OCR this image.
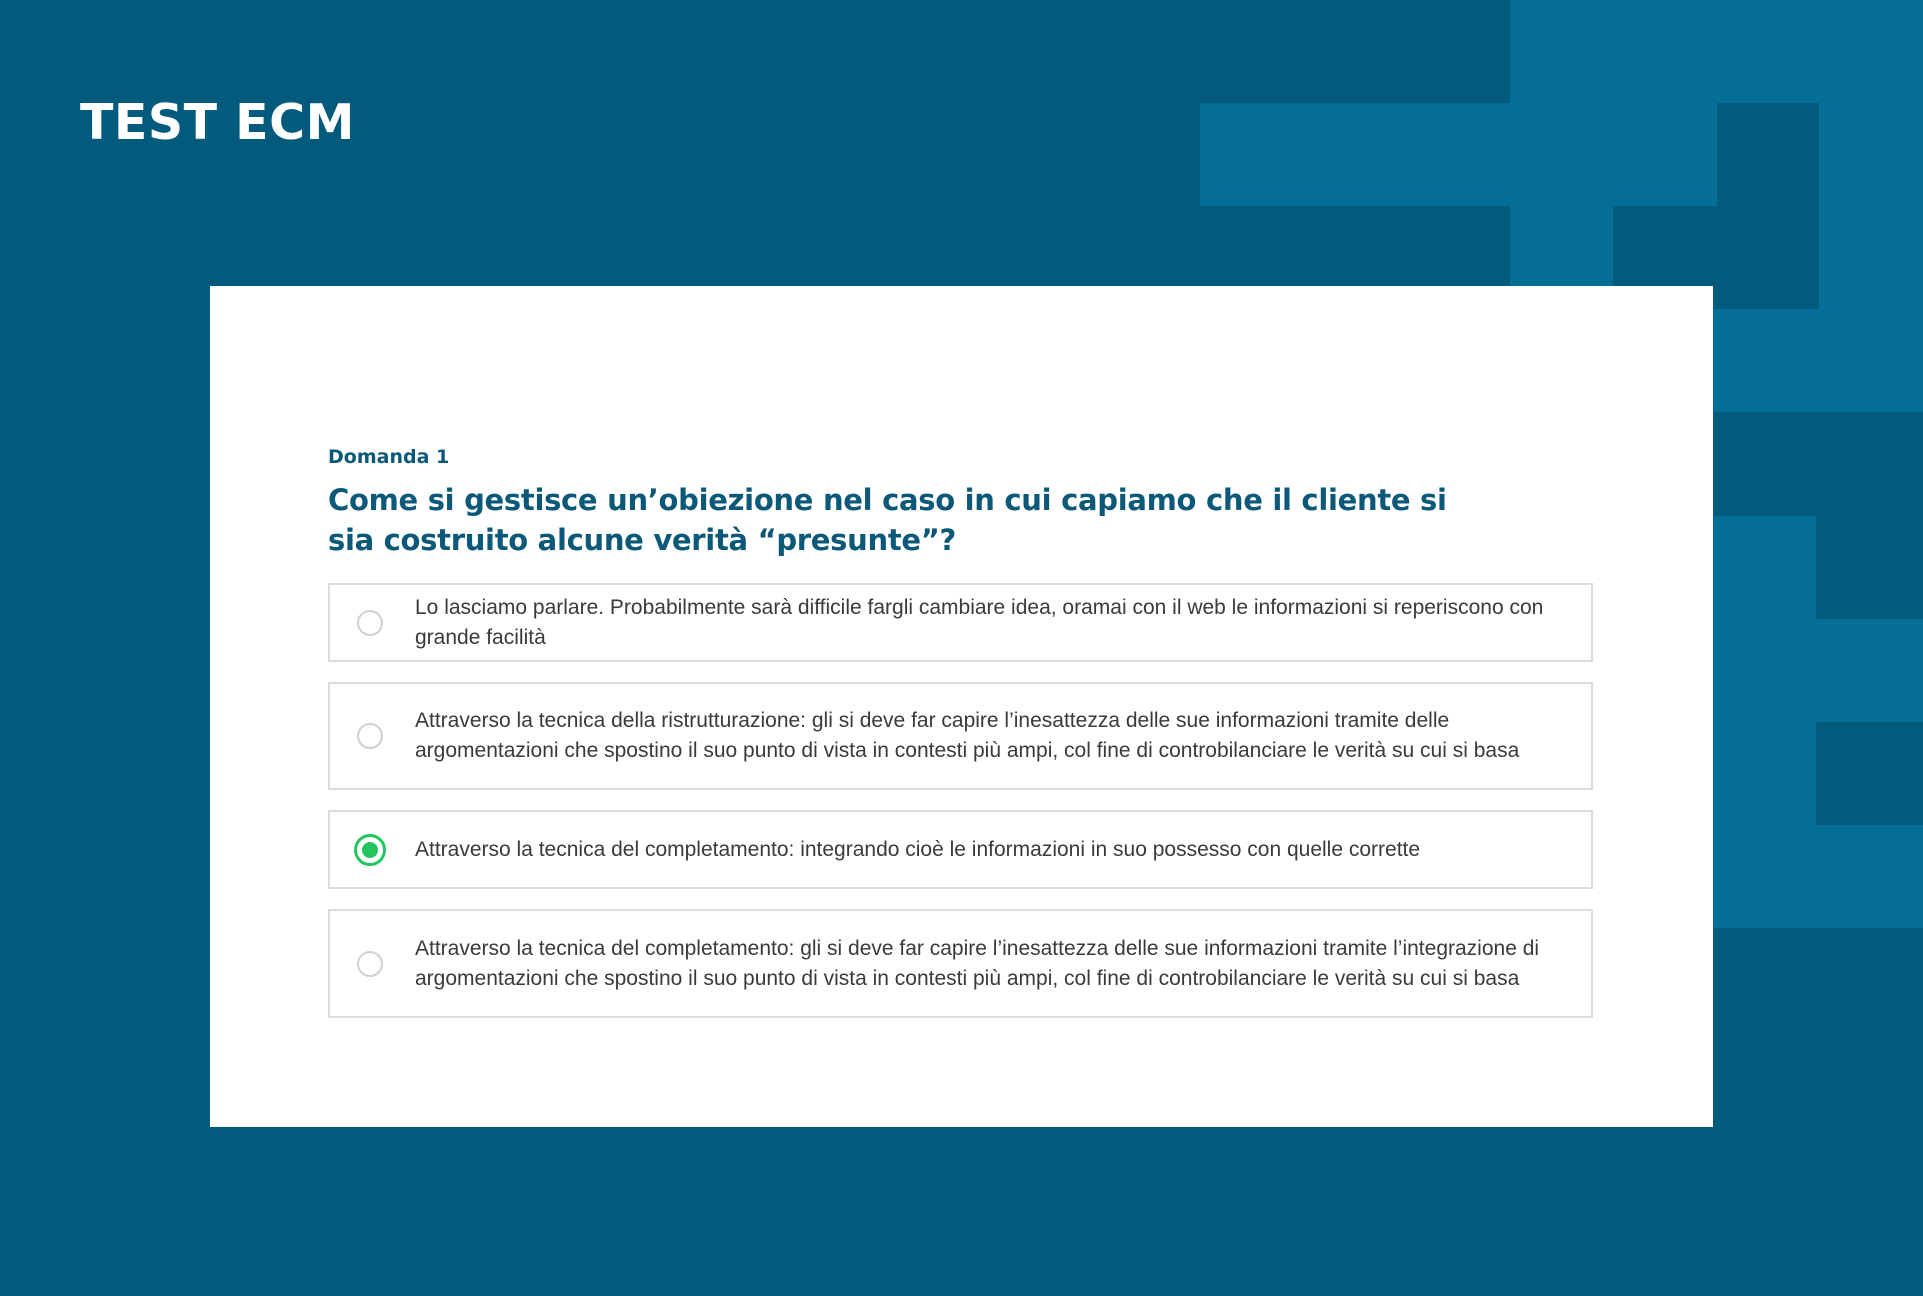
TEST ECM
Domanda 1

Come si gestisce un’obiezione nel caso in cui capiamo che il cliente si sia costruito alcune verità “presunte”?

Lo lasciamo parlare. Probabilmente sarà difficile fargli cambiare idea, oramai con il web le informazioni si reperiscono con grande facilità
Attraverso la tecnica della ristrutturazione: gli si deve far capire l’inesattezza delle sue informazioni tramite delle argomentazioni che spostino il suo punto di vista in contesti più ampi, col fine di controbilanciare le verità su cui si basa
Attraverso la tecnica del completamento: integrando cioè le informazioni in suo possesso con quelle corrette
Attraverso la tecnica del completamento: gli si deve far capire l’inesattezza delle sue informazioni tramite l’integrazione di argomentazioni che spostino il suo punto di vista in contesti più ampi, col fine di controbilanciare le verità su cui si basa
